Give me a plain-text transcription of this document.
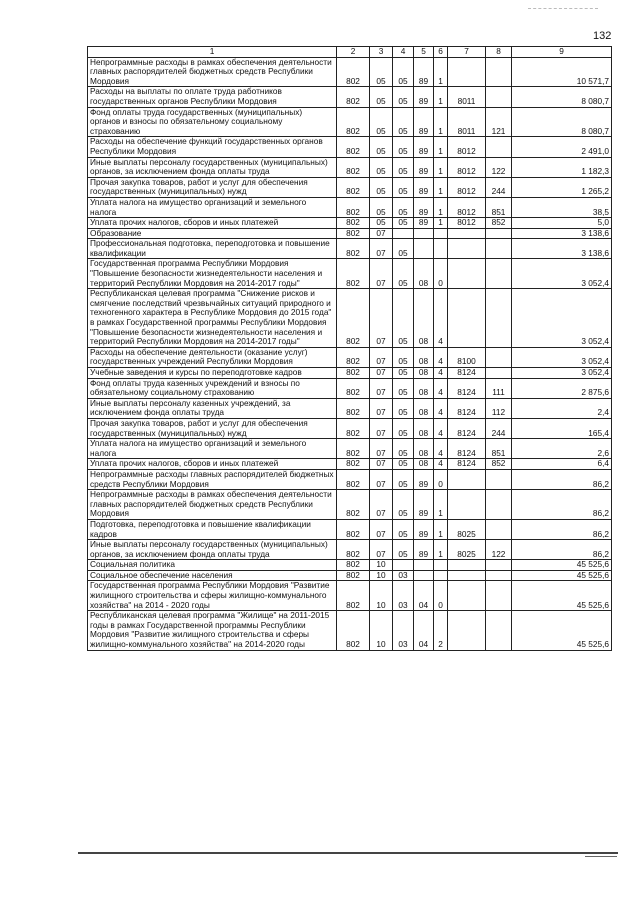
132
1	2	3	4	5	6	7	8	9
Непрограммные расходы в рамках обеспечения деятельности главных распорядителей бюджетных средств Республики Мордовия	802	05	05	89	1			10 571,7
Расходы на выплаты по оплате труда работников государственных органов Республики Мордовия	802	05	05	89	1	8011		8 080,7
Фонд оплаты труда государственных (муниципальных) органов и взносы по обязательному социальному страхованию	802	05	05	89	1	8011	121	8 080,7
Расходы на обеспечение функций государственных органов Республики Мордовия	802	05	05	89	1	8012		2 491,0
Иные выплаты персоналу государственных (муниципальных) органов, за исключением фонда оплаты труда	802	05	05	89	1	8012	122	1 182,3
Прочая закупка товаров, работ и услуг для обеспечения государственных (муниципальных) нужд	802	05	05	89	1	8012	244	1 265,2
Уплата налога на имущество организаций и земельного налога	802	05	05	89	1	8012	851	38,5
Уплата прочих налогов, сборов и иных платежей	802	05	05	89	1	8012	852	5,0
Образование	802	07						3 138,6
Профессиональная подготовка, переподготовка и повышение квалификации	802	07	05					3 138,6
Государственная программа Республики Мордовия "Повышение безопасности жизнедеятельности населения и территорий Республики Мордовия на 2014-2017 годы"	802	07	05	08	0			3 052,4
Республиканская целевая программа "Снижение рисков и смягчение последствий чрезвычайных ситуаций природного и техногенного характера в Республике Мордовия до 2015 года" в рамках Государственной программы Республики Мордовия "Повышение безопасности жизнедеятельности населения и территорий Республики Мордовия на 2014-2017 годы"	802	07	05	08	4			3 052,4
Расходы на обеспечение деятельности (оказание услуг) государственных учреждений Республики Мордовия	802	07	05	08	4	8100		3 052,4
Учебные заведения и курсы по переподготовке кадров	802	07	05	08	4	8124		3 052,4
Фонд оплаты труда казенных учреждений и взносы по обязательному социальному страхованию	802	07	05	08	4	8124	111	2 875,6
Иные выплаты персоналу казенных учреждений, за исключением фонда оплаты труда	802	07	05	08	4	8124	112	2,4
Прочая закупка товаров, работ и услуг для обеспечения государственных (муниципальных) нужд	802	07	05	08	4	8124	244	165,4
Уплата налога на имущество организаций и земельного налога	802	07	05	08	4	8124	851	2,6
Уплата прочих налогов, сборов и иных платежей	802	07	05	08	4	8124	852	6,4
Непрограммные расходы главных распорядителей бюджетных средств Республики Мордовия	802	07	05	89	0			86,2
Непрограммные расходы в рамках обеспечения деятельности главных распорядителей бюджетных средств Республики Мордовия	802	07	05	89	1			86,2
Подготовка, переподготовка и повышение квалификации кадров	802	07	05	89	1	8025		86,2
Иные выплаты персоналу государственных (муниципальных) органов, за исключением фонда оплаты труда	802	07	05	89	1	8025	122	86,2
Социальная политика	802	10						45 525,6
Социальное обеспечение населения	802	10	03					45 525,6
Государственная программа Республики Мордовия "Развитие жилищного строительства и сферы жилищно-коммунального хозяйства" на 2014 - 2020 годы	802	10	03	04	0			45 525,6
Республиканская целевая программа "Жилище" на 2011-2015 годы в рамках Государственной программы Республики Мордовия "Развитие жилищного строительства и сферы жилищно-коммунального хозяйства" на 2014-2020 годы	802	10	03	04	2			45 525,6
